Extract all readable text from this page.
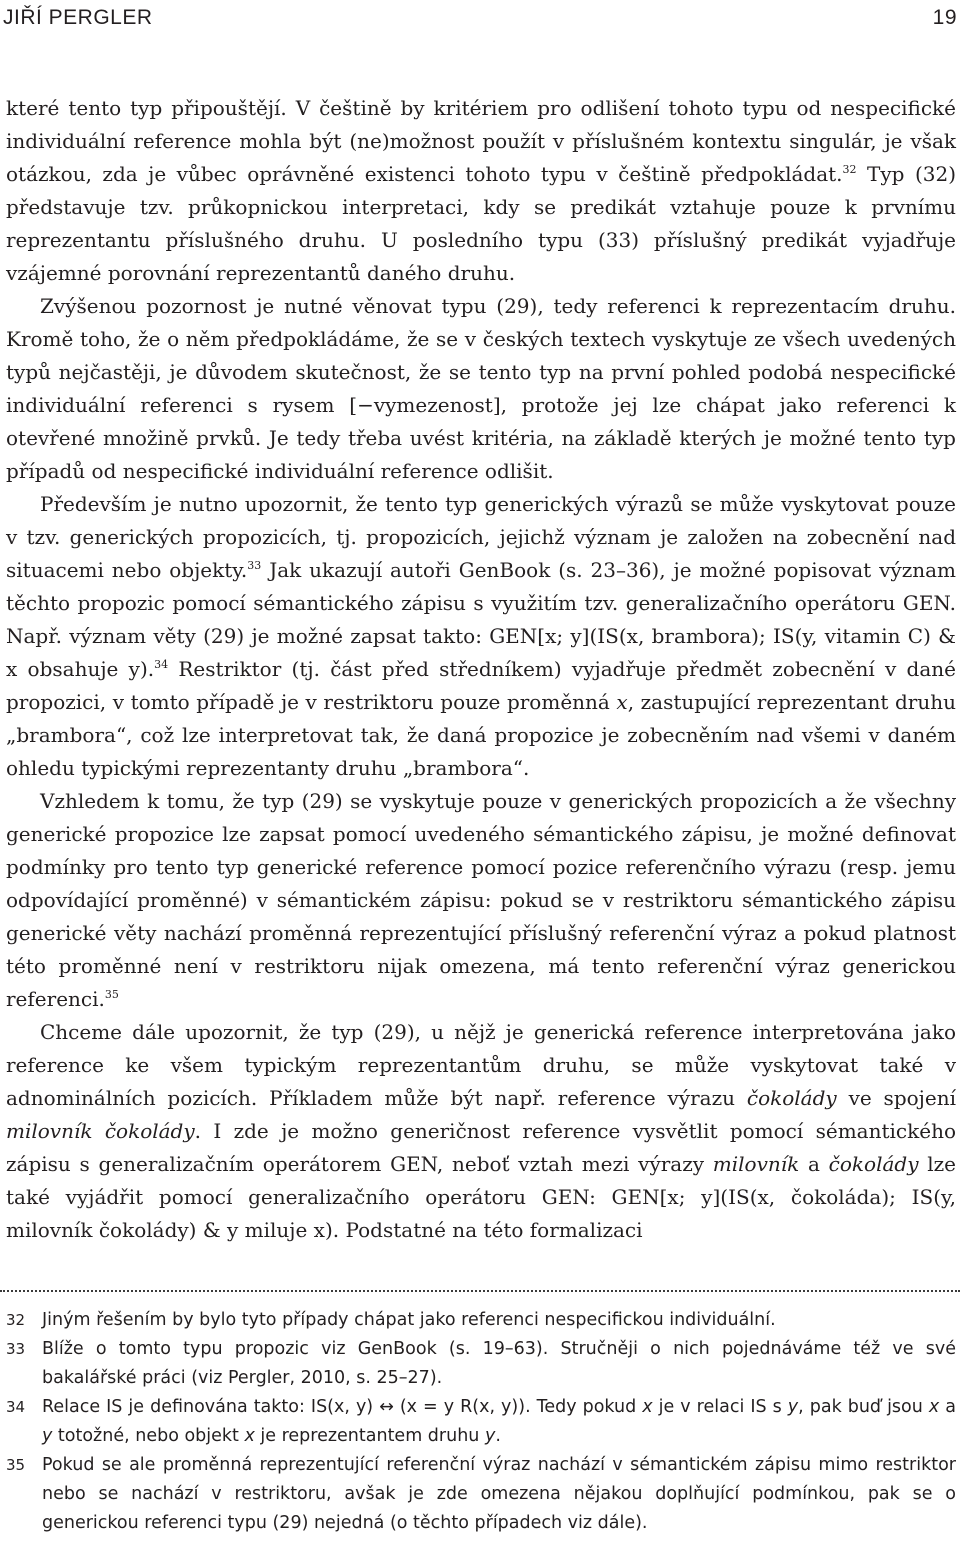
JIŘÍ PERGLER	19

které tento typ připouštějí. V češtině by kritériem pro odlišení tohoto typu od nespecifické individuální reference mohla být (ne)možnost použít v příslušném kontextu singulár, je však otázkou, zda je vůbec oprávněné existenci tohoto typu v češtině předpokládat.$^{32}$ Typ (32) představuje tzv. průkopnickou interpretaci, kdy se predikát vztahuje pouze k prvnímu reprezentantu příslušného druhu. U posledního typu (33) příslušný predikát vyjadřuje vzájemné porovnání reprezentantů daného druhu.

Zvýšenou pozornost je nutné věnovat typu (29), tedy referenci k reprezentacím druhu. Kromě toho, že o něm předpokládáme, že se v českých textech vyskytuje ze všech uvedených typů nejčastěji, je důvodem skutečnost, že se tento typ na první pohled podobá nespecifické individuální referenci s rysem [−vymezenost], protože jej lze chápat jako referenci k otevřené množině prvků. Je tedy třeba uvést kritéria, na základě kterých je možné tento typ případů od nespecifické individuální reference odlišit.

Především je nutno upozornit, že tento typ generických výrazů se může vyskytovat pouze v tzv. generických propozicích, tj. propozicích, jejichž význam je založen na zobecnění nad situacemi nebo objekty.$^{33}$ Jak ukazují autoři GenBook (s. 23–36), je možné popisovat význam těchto propozic pomocí sémantického zápisu s využitím tzv. generalizačního operátoru GEN. Např. význam věty (29) je možné zapsat takto: GEN[x; y](IS(x, brambora); IS(y, vitamin C) & x obsahuje y).$^{34}$ Restriktor (tj. část před středníkem) vyjadřuje předmět zobecnění v dané propozici, v tomto případě je v restriktoru pouze proměnná x, zastupující reprezentant druhu „brambora“, což lze interpretovat tak, že daná propozice je zobecněním nad všemi v daném ohledu typickými reprezentanty druhu „brambora“.

Vzhledem k tomu, že typ (29) se vyskytuje pouze v generických propozicích a že všechny generické propozice lze zapsat pomocí uvedeného sémantického zápisu, je možné definovat podmínky pro tento typ generické reference pomocí pozice referenčního výrazu (resp. jemu odpovídající proměnné) v sémantickém zápisu: pokud se v restriktoru sémantického zápisu generické věty nachází proměnná reprezentující příslušný referenční výraz a pokud platnost této proměnné není v restriktoru nijak omezena, má tento referenční výraz generickou referenci.$^{35}$

Chceme dále upozornit, že typ (29), u nějž je generická reference interpretována jako reference ke všem typickým reprezentantům druhu, se může vyskytovat také v adnominálních pozicích. Příkladem může být např. reference výrazu čokolády ve spojení milovník čokolády. I zde je možno generičnost reference vysvětlit pomocí sémantického zápisu s generalizačním operátorem GEN, neboť vztah mezi výrazy milovník a čokolády lze také vyjádřit pomocí generalizačního operátoru GEN: GEN[x; y](IS(x, čokoláda); IS(y, milovník čokolády) & y miluje x). Podstatné na této formalizaci

32 Jiným řešením by bylo tyto případy chápat jako referenci nespecifickou individuální.
33 Blíže o tomto typu propozic viz GenBook (s. 19–63). Stručněji o nich pojednáváme též ve své bakalářské práci (viz Pergler, 2010, s. 25–27).
34 Relace IS je definována takto: IS(x, y) ↔ (x = y R(x, y)). Tedy pokud x je v relaci IS s y, pak buď jsou x a y totožné, nebo objekt x je reprezentantem druhu y.
35 Pokud se ale proměnná reprezentující referenční výraz nachází v sémantickém zápisu mimo restriktor nebo se nachází v restriktoru, avšak je zde omezena nějakou doplňující podmínkou, pak se o generickou referenci typu (29) nejedná (o těchto případech viz dále).
